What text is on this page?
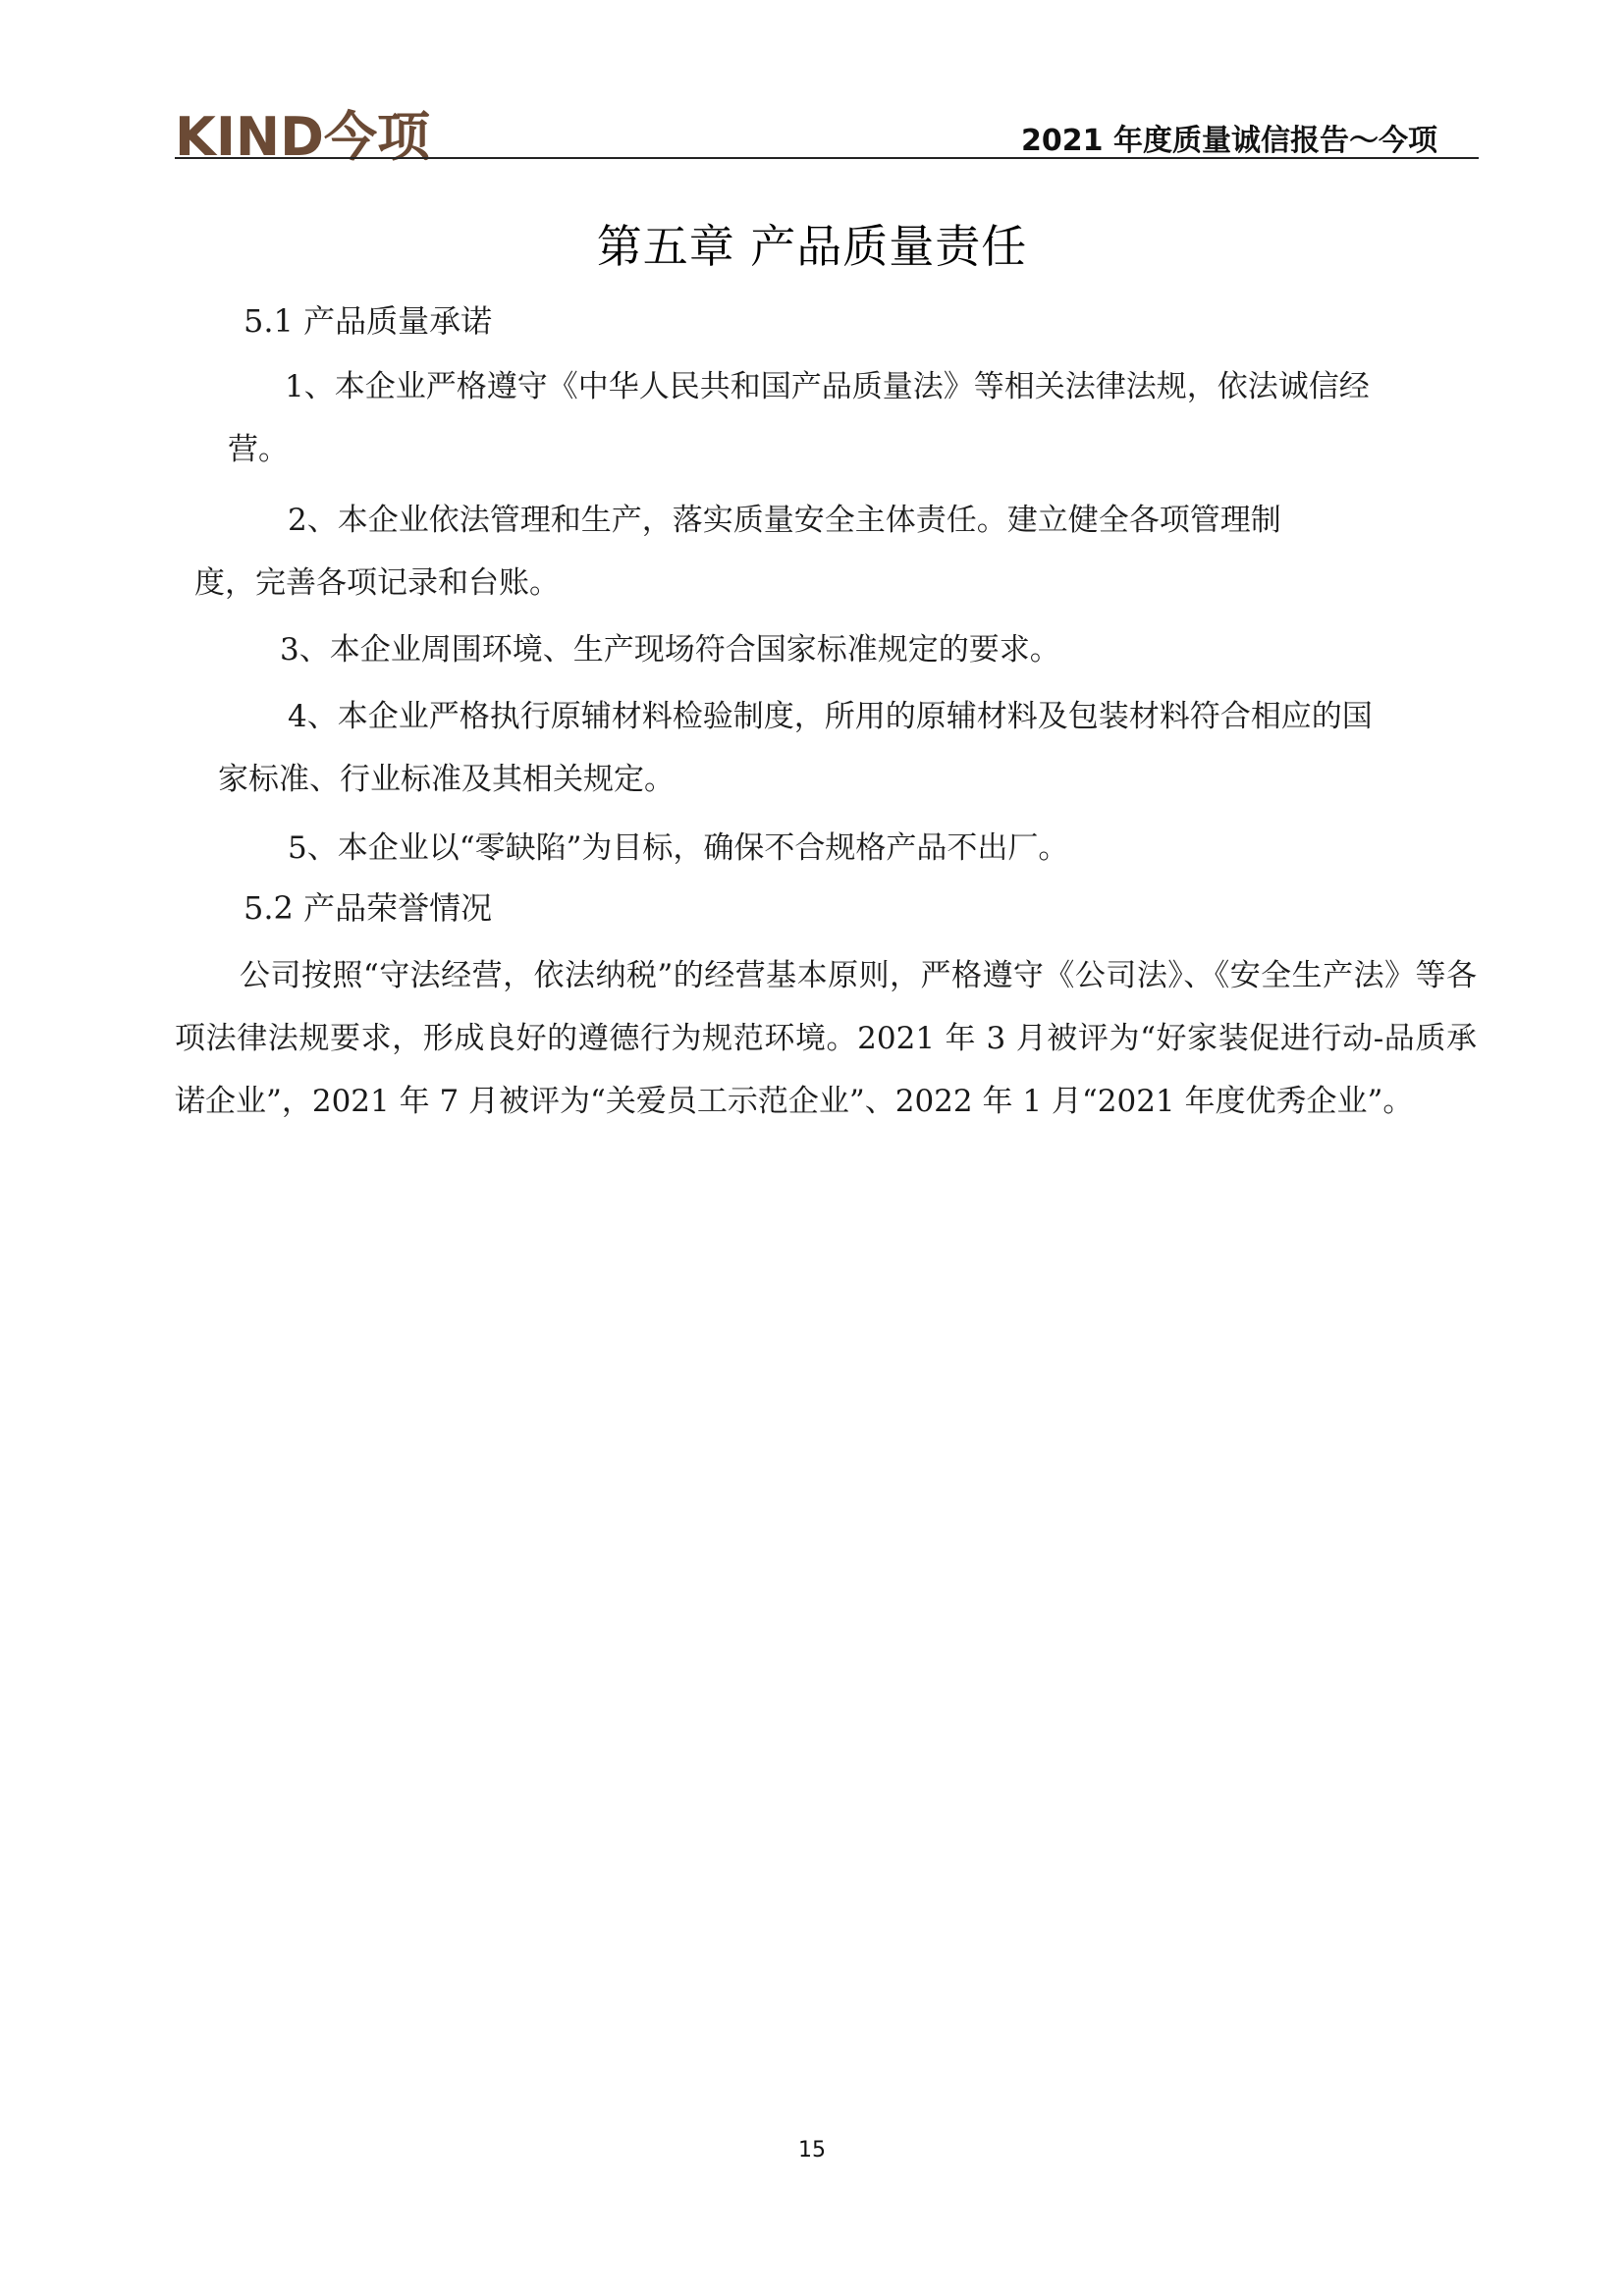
KIND今项	2021 年度质量诚信报告～今项
第五章 产品质量责任
5.1 产品质量承诺
1、本企业严格遵守《中华人民共和国产品质量法》等相关法律法规，依法诚信经
营。
2、本企业依法管理和生产，落实质量安全主体责任。建立健全各项管理制
度，完善各项记录和台账。
3、本企业周围环境、生产现场符合国家标准规定的要求。
4、本企业严格执行原辅材料检验制度，所用的原辅材料及包装材料符合相应的国
家标准、行业标准及其相关规定。
5、本企业以“零缺陷”为目标，确保不合规格产品不出厂。
5.2 产品荣誉情况
公司按照“守法经营，依法纳税”的经营基本原则，严格遵守《公司法》、《安全生产法》等各项法律法规要求，形成良好的遵德行为规范环境。2021 年 3 月被评为“好家装促进行动-品质承诺企业”，2021 年 7 月被评为“关爱员工示范企业”、2022 年 1 月“2021 年度优秀企业”。
15
